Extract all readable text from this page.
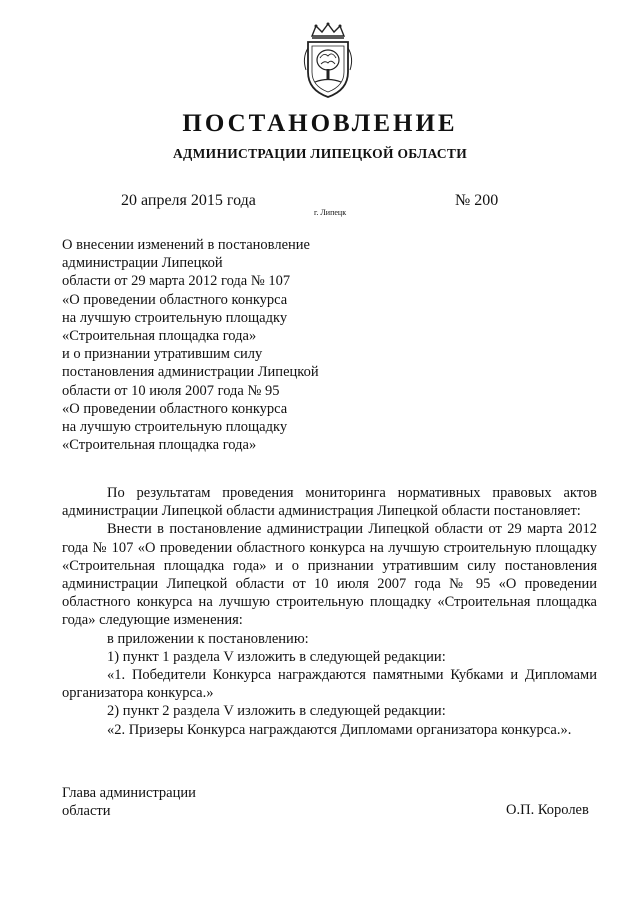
ПОСТАНОВЛЕНИЕ
АДМИНИСТРАЦИИ ЛИПЕЦКОЙ ОБЛАСТИ
20 апреля 2015 года
г. Липецк
№ 200
О внесении изменений в постановление
администрации Липецкой
области от 29 марта 2012 года № 107
«О проведении областного конкурса
на лучшую строительную площадку
«Строительная площадка года»
и о признании утратившим силу
постановления администрации Липецкой
области от 10 июля 2007 года № 95
«О проведении областного конкурса
на лучшую строительную площадку
«Строительная площадка года»
По результатам проведения мониторинга нормативных правовых актов администрации Липецкой области администрация Липецкой области постановляет:
Внести в постановление администрации Липецкой области от 29 марта 2012 года № 107 «О проведении областного конкурса на лучшую строительную площадку «Строительная площадка года» и о признании утратившим силу постановления администрации Липецкой области от 10 июля 2007 года № 95 «О проведении областного конкурса на лучшую строительную площадку «Строительная площадка года» следующие изменения:
в приложении к постановлению:
1) пункт 1 раздела V изложить в следующей редакции:
«1. Победители Конкурса награждаются памятными Кубками и Дипломами организатора конкурса.»
2) пункт 2 раздела V изложить в следующей редакции:
«2. Призеры Конкурса награждаются Дипломами организатора конкурса.».
Глава администрации
области	О.П. Королев
